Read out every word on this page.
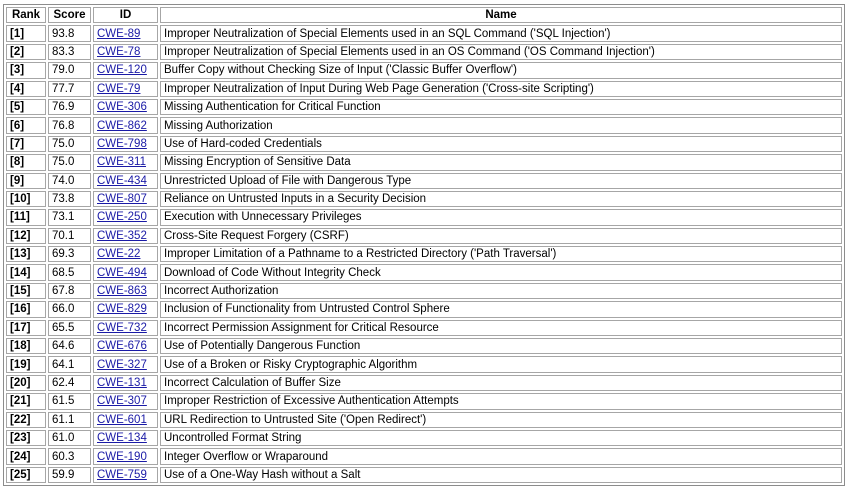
Rank	Score	ID	Name
[1]	93.8	CWE-89	Improper Neutralization of Special Elements used in an SQL Command ('SQL Injection')
[2]	83.3	CWE-78	Improper Neutralization of Special Elements used in an OS Command ('OS Command Injection')
[3]	79.0	CWE-120	Buffer Copy without Checking Size of Input ('Classic Buffer Overflow')
[4]	77.7	CWE-79	Improper Neutralization of Input During Web Page Generation ('Cross-site Scripting')
[5]	76.9	CWE-306	Missing Authentication for Critical Function
[6]	76.8	CWE-862	Missing Authorization
[7]	75.0	CWE-798	Use of Hard-coded Credentials
[8]	75.0	CWE-311	Missing Encryption of Sensitive Data
[9]	74.0	CWE-434	Unrestricted Upload of File with Dangerous Type
[10]	73.8	CWE-807	Reliance on Untrusted Inputs in a Security Decision
[11]	73.1	CWE-250	Execution with Unnecessary Privileges
[12]	70.1	CWE-352	Cross-Site Request Forgery (CSRF)
[13]	69.3	CWE-22	Improper Limitation of a Pathname to a Restricted Directory ('Path Traversal')
[14]	68.5	CWE-494	Download of Code Without Integrity Check
[15]	67.8	CWE-863	Incorrect Authorization
[16]	66.0	CWE-829	Inclusion of Functionality from Untrusted Control Sphere
[17]	65.5	CWE-732	Incorrect Permission Assignment for Critical Resource
[18]	64.6	CWE-676	Use of Potentially Dangerous Function
[19]	64.1	CWE-327	Use of a Broken or Risky Cryptographic Algorithm
[20]	62.4	CWE-131	Incorrect Calculation of Buffer Size
[21]	61.5	CWE-307	Improper Restriction of Excessive Authentication Attempts
[22]	61.1	CWE-601	URL Redirection to Untrusted Site ('Open Redirect')
[23]	61.0	CWE-134	Uncontrolled Format String
[24]	60.3	CWE-190	Integer Overflow or Wraparound
[25]	59.9	CWE-759	Use of a One-Way Hash without a Salt
